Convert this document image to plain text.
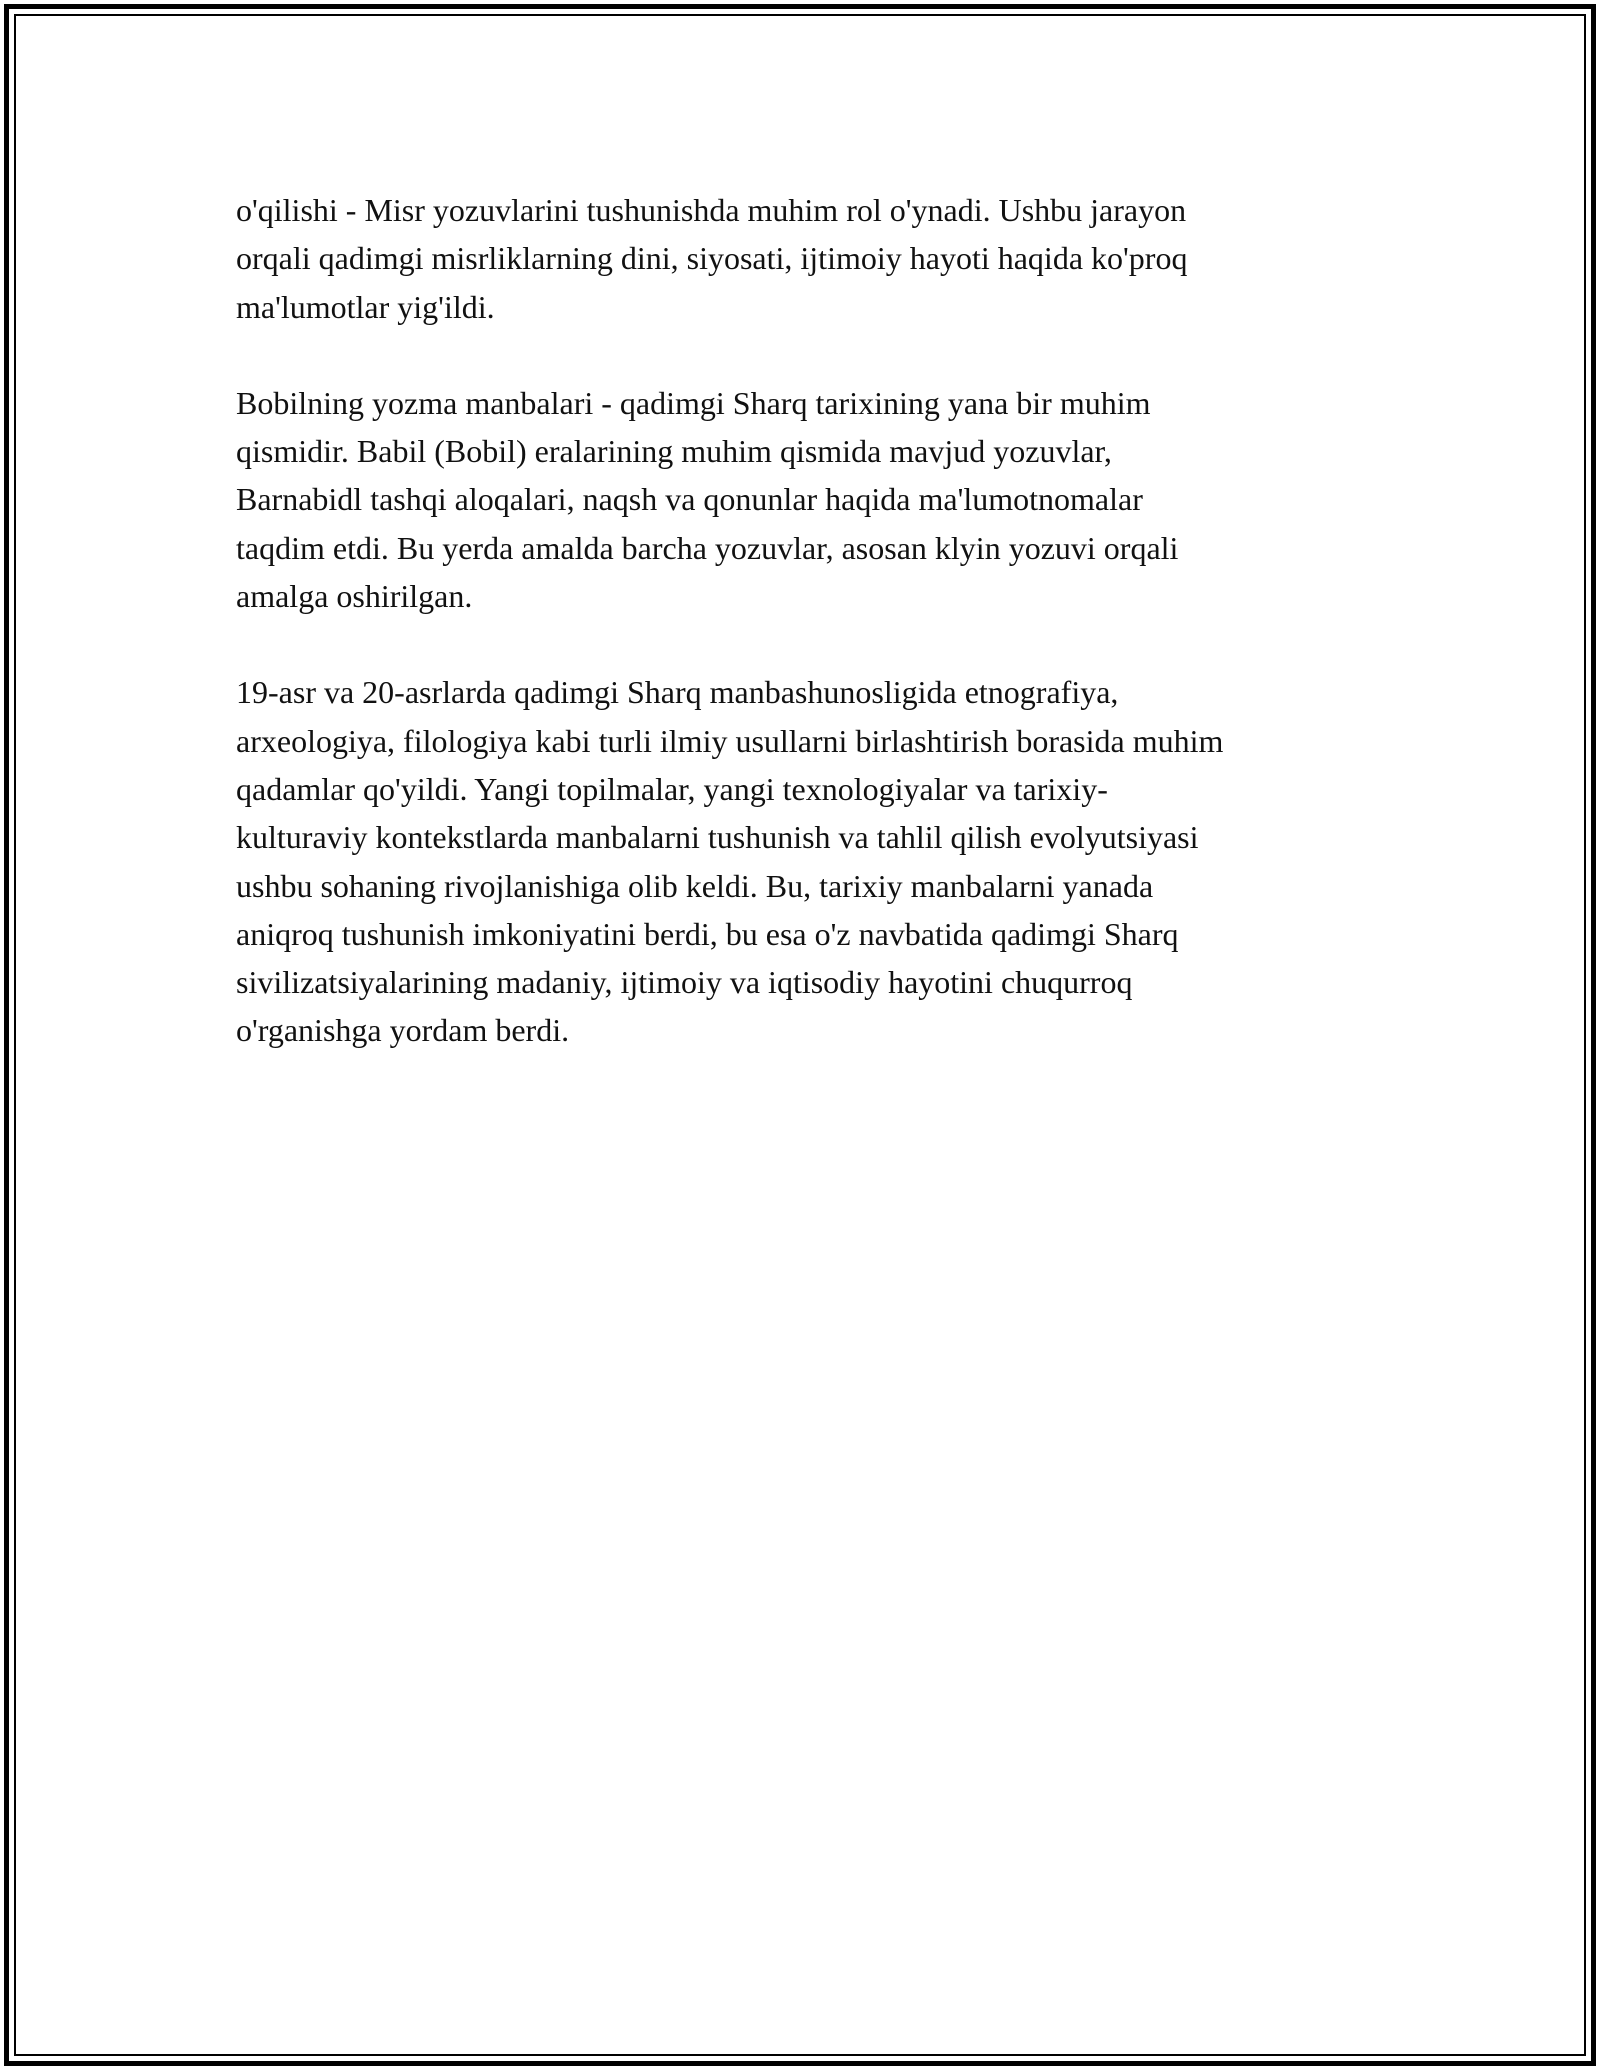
o'qilishi - Misr yozuvlarini tushunishda muhim rol o'ynadi. Ushbu jarayon
orqali qadimgi misrliklarning dini, siyosati, ijtimoiy hayoti haqida ko'proq
ma'lumotlar yig'ildi.

Bobilning yozma manbalari - qadimgi Sharq tarixining yana bir muhim
qismidir. Babil (Bobil) eralarining muhim qismida mavjud yozuvlar,
Barnabidl tashqi aloqalari, naqsh va qonunlar haqida ma'lumotnomalar
taqdim etdi. Bu yerda amalda barcha yozuvlar, asosan klyin yozuvi orqali
amalga oshirilgan.

19-asr va 20-asrlarda qadimgi Sharq manbashunosligida etnografiya,
arxeologiya, filologiya kabi turli ilmiy usullarni birlashtirish borasida muhim
qadamlar qo'yildi. Yangi topilmalar, yangi texnologiyalar va tarixiy-
kulturaviy kontekstlarda manbalarni tushunish va tahlil qilish evolyutsiyasi
ushbu sohaning rivojlanishiga olib keldi. Bu, tarixiy manbalarni yanada
aniqroq tushunish imkoniyatini berdi, bu esa o'z navbatida qadimgi Sharq
sivilizatsiyalarining madaniy, ijtimoiy va iqtisodiy hayotini chuqurroq
o'rganishga yordam berdi.
